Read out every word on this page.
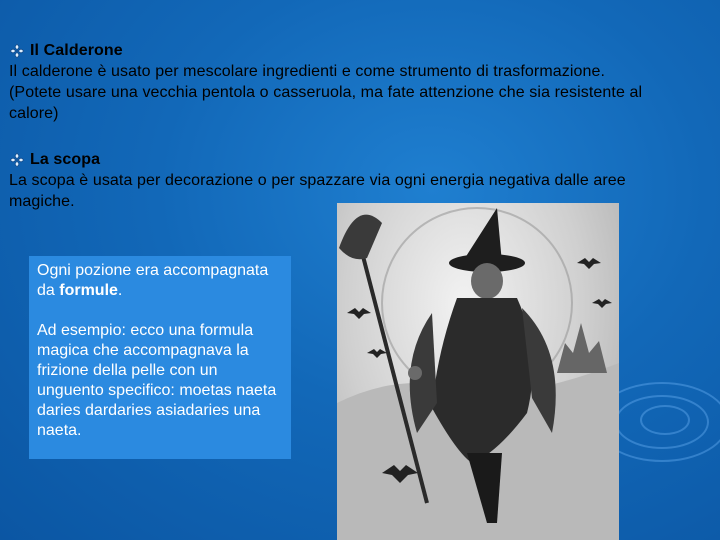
Il Calderone
Il calderone è usato per mescolare ingredienti e come strumento di trasformazione.
(Potete usare una vecchia pentola o casseruola, ma fate attenzione che sia resistente al
calore)
La scopa
La scopa è usata per decorazione o per spazzare via ogni energia negativa dalle aree
magiche.

Ogni pozione era accompagnata da formule.

Ad esempio: ecco una formula magica che accompagnava la frizione della pelle con un unguento specifico: moetas naeta daries dardaries asiadaries una naeta.
